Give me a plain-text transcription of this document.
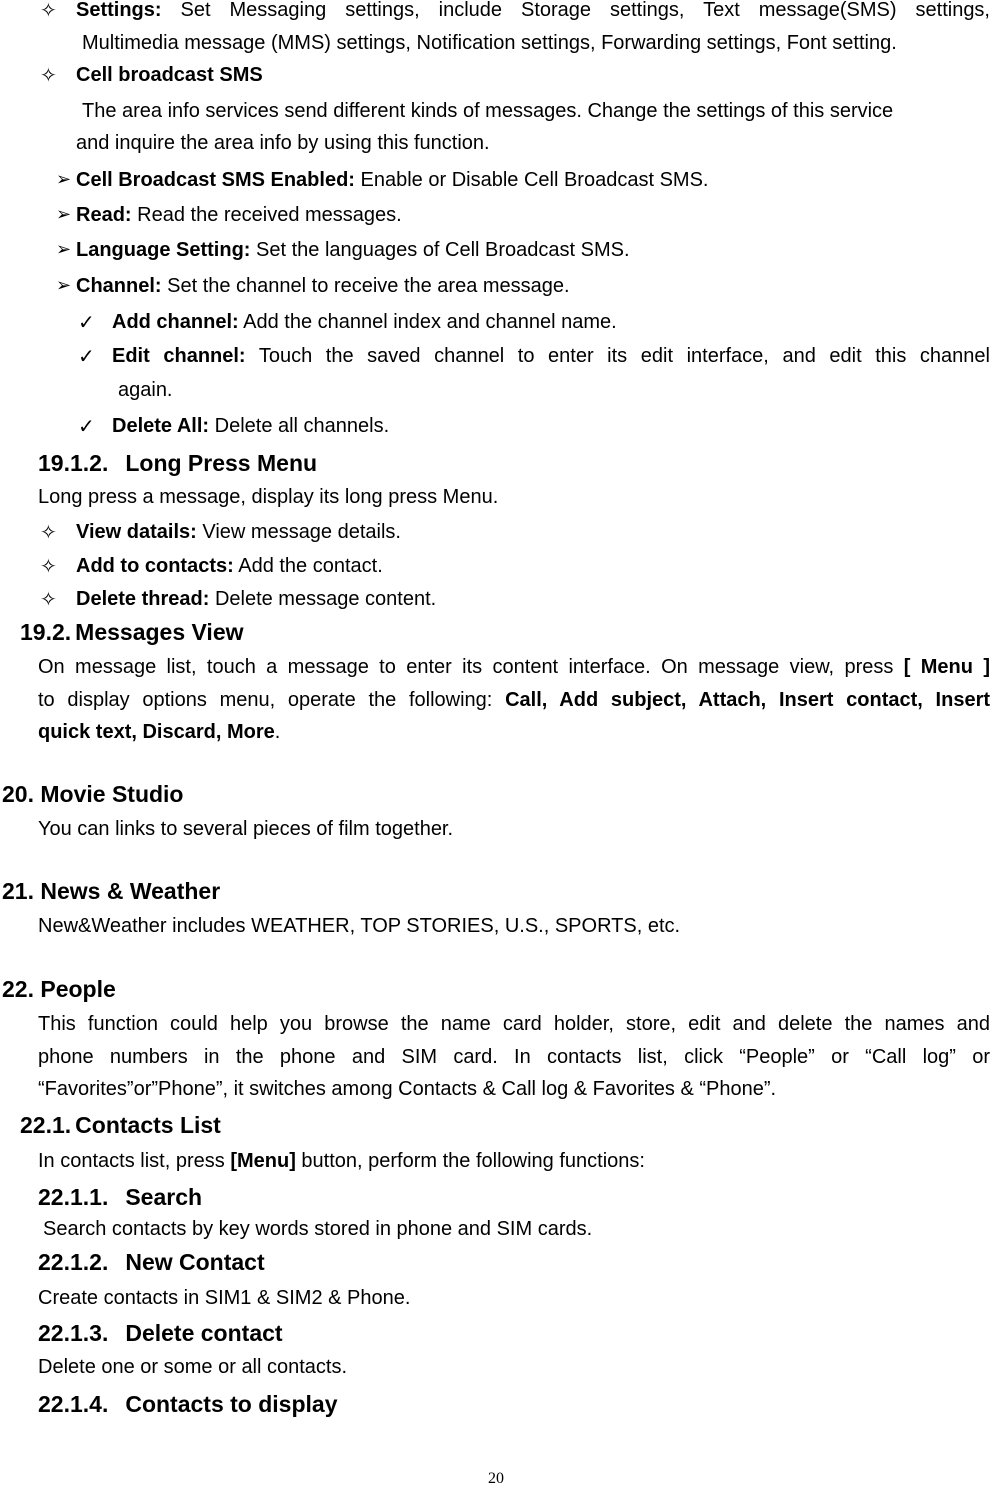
✧ Settings: Set Messaging settings, include Storage settings, Text message(SMS) settings,
Multimedia message (MMS) settings, Notification settings, Forwarding settings, Font setting.
✧ Cell broadcast SMS
The area info services send different kinds of messages. Change the settings of this service
and inquire the area info by using this function.
➢ Cell Broadcast SMS Enabled: Enable or Disable Cell Broadcast SMS.
➢ Read: Read the received messages.
➢ Language Setting: Set the languages of Cell Broadcast SMS.
➢ Channel: Set the channel to receive the area message.
✓ Add channel: Add the channel index and channel name.
✓ Edit channel: Touch the saved channel to enter its edit interface, and edit this channel
again.
✓ Delete All: Delete all channels.
19.1.2. Long Press Menu
Long press a message, display its long press Menu.
✧ View datails: View message details.
✧ Add to contacts: Add the contact.
✧ Delete thread: Delete message content.
19.2. Messages View
On message list, touch a message to enter its content interface. On message view, press [ Menu ]
to display options menu, operate the following: Call, Add subject, Attach, Insert contact, Insert
quick text, Discard, More.
20. Movie Studio
You can links to several pieces of film together.
21. News & Weather
New&Weather includes WEATHER, TOP STORIES, U.S., SPORTS, etc.
22. People
This function could help you browse the name card holder, store, edit and delete the names and
phone numbers in the phone and SIM card. In contacts list, click “People” or “Call log” or
“Favorites”or”Phone”, it switches among Contacts & Call log & Favorites & “Phone”.
22.1. Contacts List
In contacts list, press [Menu] button, perform the following functions:
22.1.1. Search
Search contacts by key words stored in phone and SIM cards.
22.1.2. New Contact
Create contacts in SIM1 & SIM2 & Phone.
22.1.3. Delete contact
Delete one or some or all contacts.
22.1.4. Contacts to display
20
